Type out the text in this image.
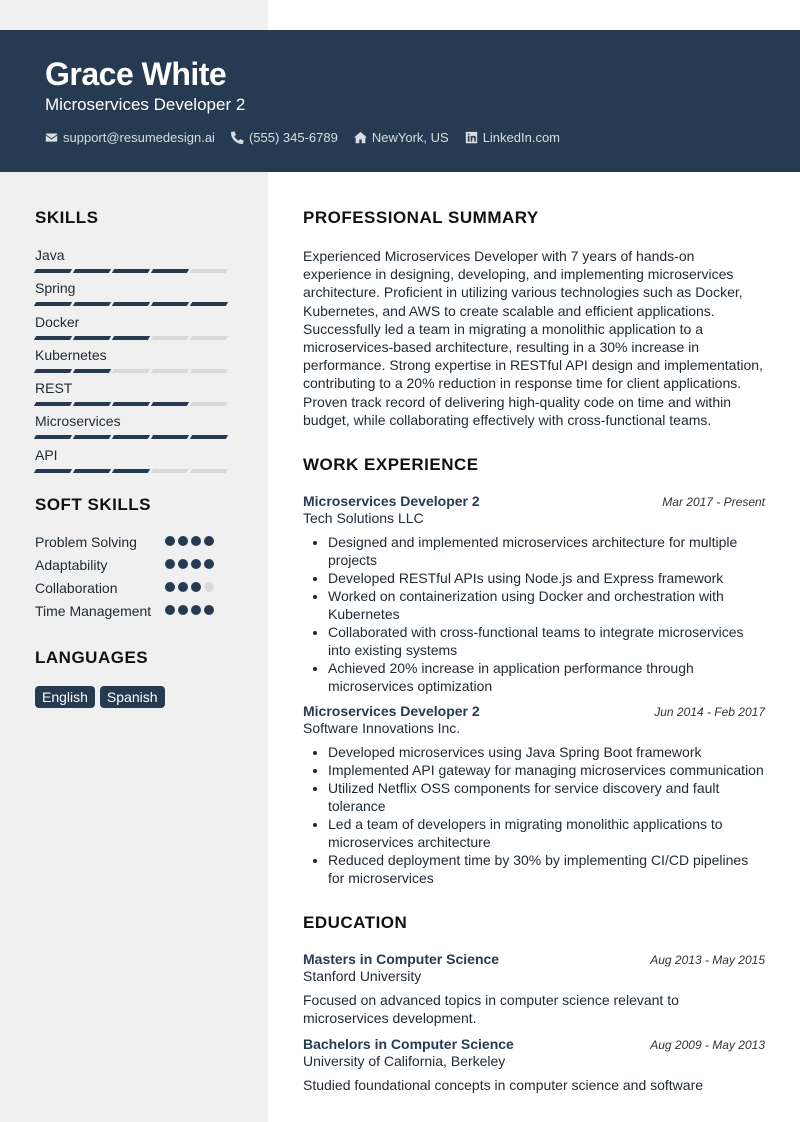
Grace White
Microservices Developer 2
support@resumedesign.ai	(555) 345-6789	NewYork, US	LinkedIn.com
SKILLS
Java
Spring
Docker
Kubernetes
REST
Microservices
API
SOFT SKILLS
Problem Solving
Adaptability
Collaboration
Time Management
LANGUAGES
English	Spanish
PROFESSIONAL SUMMARY
Experienced Microservices Developer with 7 years of hands-on experience in designing, developing, and implementing microservices architecture. Proficient in utilizing various technologies such as Docker, Kubernetes, and AWS to create scalable and efficient applications. Successfully led a team in migrating a monolithic application to a microservices-based architecture, resulting in a 30% increase in performance. Strong expertise in RESTful API design and implementation, contributing to a 20% reduction in response time for client applications. Proven track record of delivering high-quality code on time and within budget, while collaborating effectively with cross-functional teams.
WORK EXPERIENCE
Microservices Developer 2	Mar 2017 - Present
Tech Solutions LLC
• Designed and implemented microservices architecture for multiple projects
• Developed RESTful APIs using Node.js and Express framework
• Worked on containerization using Docker and orchestration with Kubernetes
• Collaborated with cross-functional teams to integrate microservices into existing systems
• Achieved 20% increase in application performance through microservices optimization
Microservices Developer 2	Jun 2014 - Feb 2017
Software Innovations Inc.
• Developed microservices using Java Spring Boot framework
• Implemented API gateway for managing microservices communication
• Utilized Netflix OSS components for service discovery and fault tolerance
• Led a team of developers in migrating monolithic applications to microservices architecture
• Reduced deployment time by 30% by implementing CI/CD pipelines for microservices
EDUCATION
Masters in Computer Science	Aug 2013 - May 2015
Stanford University
Focused on advanced topics in computer science relevant to microservices development.
Bachelors in Computer Science	Aug 2009 - May 2013
University of California, Berkeley
Studied foundational concepts in computer science and software
